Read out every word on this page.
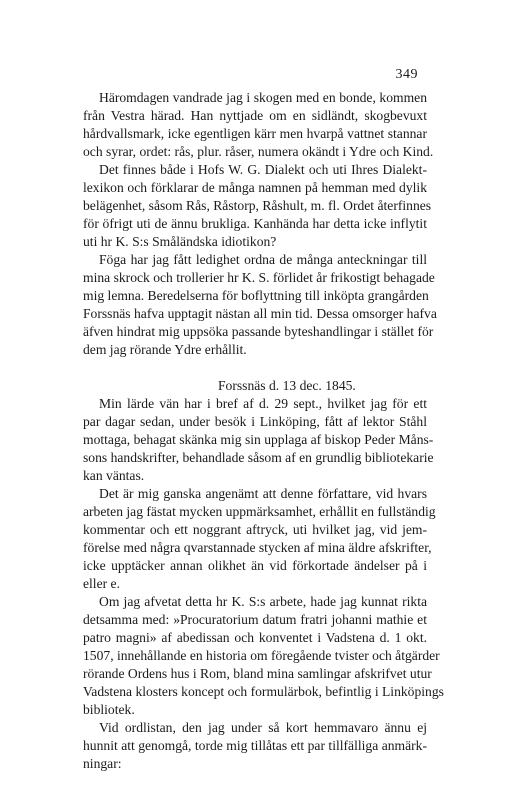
349
Häromdagen vandrade jag i skogen med en bonde, kommen
från Vestra härad. Han nyttjade om en sidländt, skogbevuxt
hårdvallsmark, icke egentligen kärr men hvarpå vattnet stannar
och syrar, ordet: rås, plur. råser, numera okändt i Ydre och Kind.
Det finnes både i Hofs W. G. Dialekt och uti Ihres Dialekt-
lexikon och förklarar de många namnen på hemman med dylik
belägenhet, såsom Rås, Råstorp, Råshult, m. fl. Ordet återfinnes
för öfrigt uti de ännu brukliga. Kanhända har detta icke inflytit
uti hr K. S:s Småländska idiotikon?
Föga har jag fått ledighet ordna de många anteckningar till
mina skrock och trollerier hr K. S. förlidet år frikostigt behagade
mig lemna. Beredelserna för boflyttning till inköpta grangården
Forssnäs hafva upptagit nästan all min tid. Dessa omsorger hafva
äfven hindrat mig uppsöka passande byteshandlingar i stället för
dem jag rörande Ydre erhållit.
Forssnäs d. 13 dec. 1845.
Min lärde vän har i bref af d. 29 sept., hvilket jag för ett
par dagar sedan, under besök i Linköping, fått af lektor Ståhl
mottaga, behagat skänka mig sin upplaga af biskop Peder Måns-
sons handskrifter, behandlade såsom af en grundlig bibliotekarie
kan väntas.
Det är mig ganska angenämt att denne författare, vid hvars
arbeten jag fästat mycken uppmärksamhet, erhållit en fullständig
kommentar och ett noggrant aftryck, uti hvilket jag, vid jem-
förelse med några qvarstannade stycken af mina äldre afskrifter,
icke upptäcker annan olikhet än vid förkortade ändelser på i
eller e.
Om jag afvetat detta hr K. S:s arbete, hade jag kunnat rikta
detsamma med: »Procuratorium datum fratri johanni mathie et
patro magni» af abedissan och konventet i Vadstena d. 1 okt.
1507, innehållande en historia om föregående tvister och åtgärder
rörande Ordens hus i Rom, bland mina samlingar afskrifvet utur
Vadstena klosters koncept och formulärbok, befintlig i Linköpings
bibliotek.
Vid ordlistan, den jag under så kort hemmavaro ännu ej
hunnit att genomgå, torde mig tillåtas ett par tillfälliga anmärk-
ningar:
